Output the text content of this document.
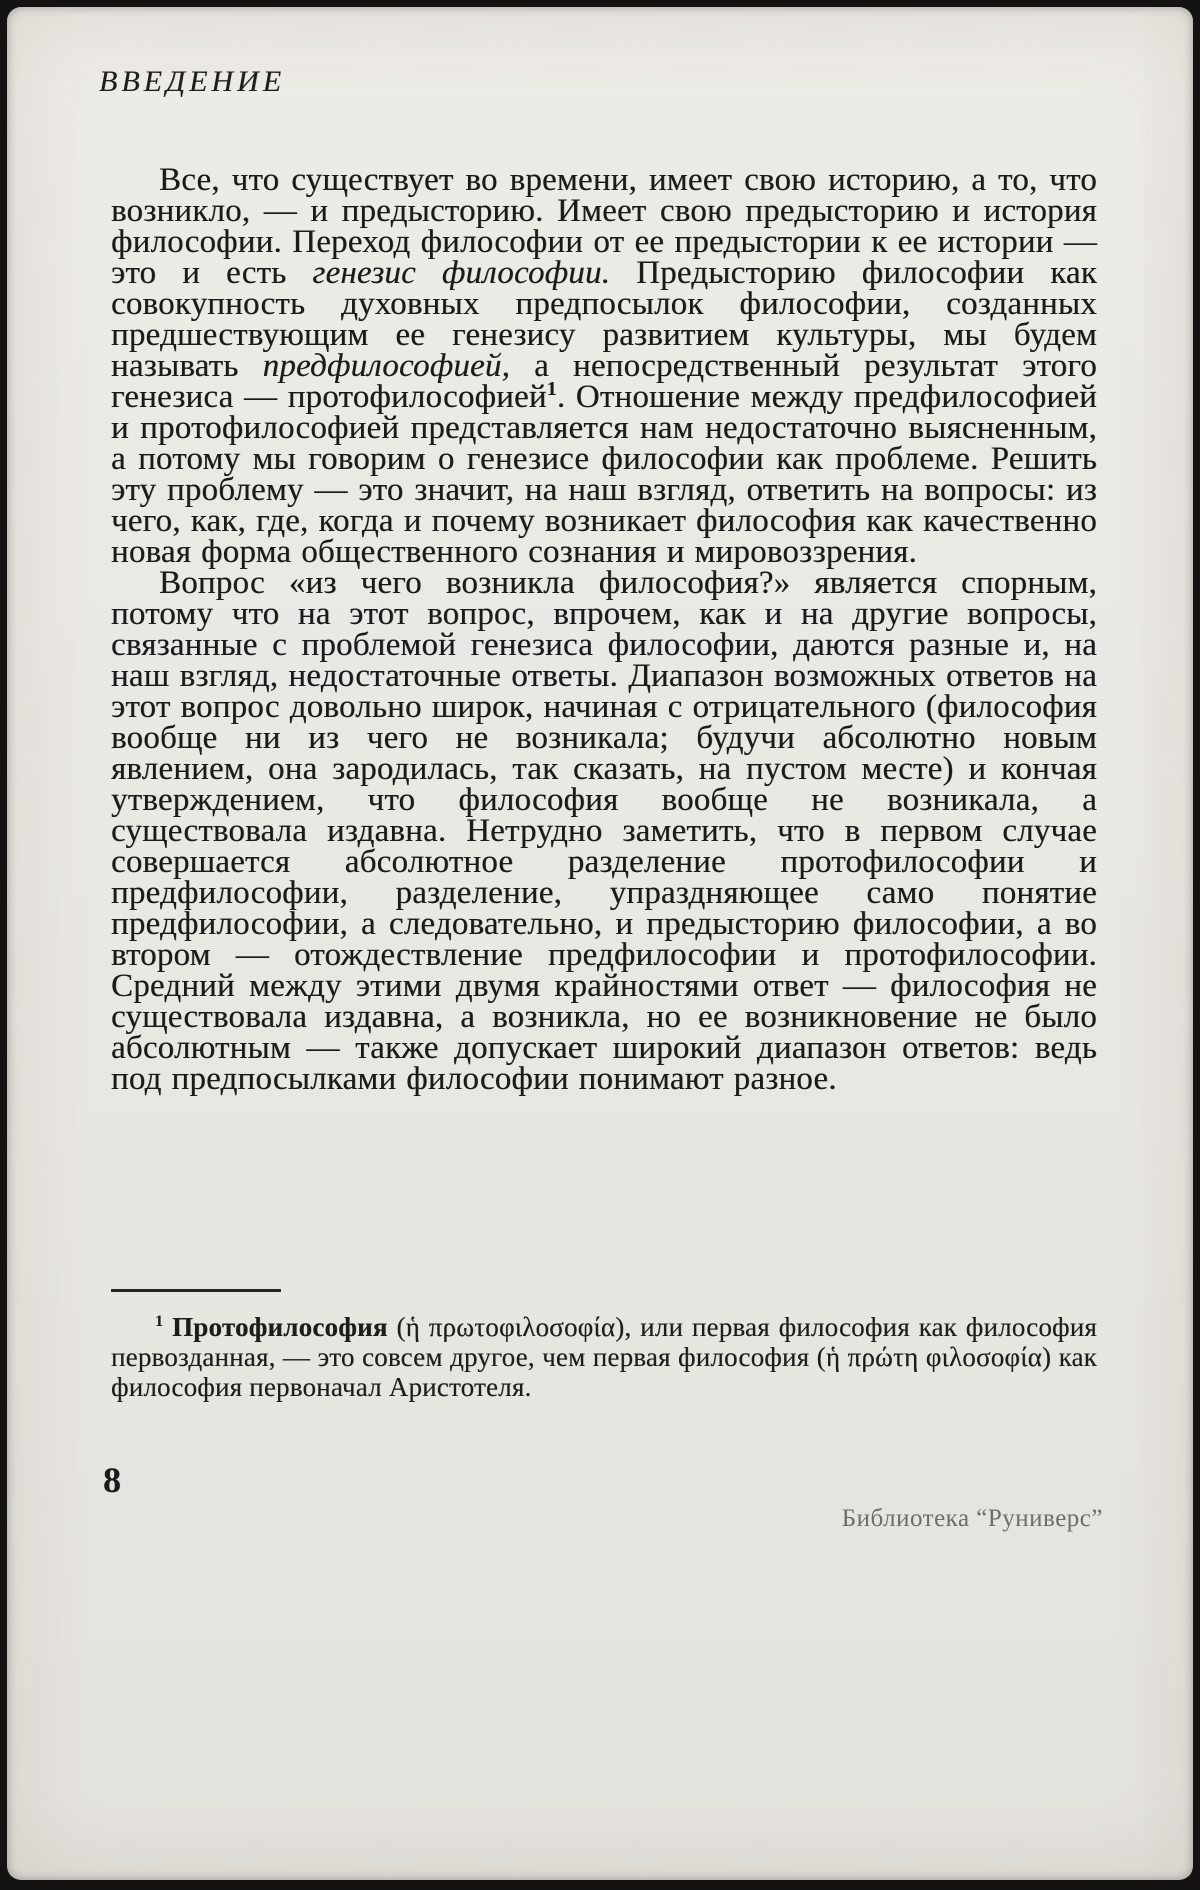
ВВЕДЕНИЕ

Все, что существует во времени, имеет свою историю, а то, что возникло, — и предысторию. Имеет свою предысторию и история философии. Переход философии от ее предыстории к ее истории — это и есть генезис философии. Предысторию философии как совокупность духовных предпосылок философии, созданных предшествующим ее генезису развитием культуры, мы будем называть предфилософией, а непосредственный результат этого генезиса — протофилософией$^1$. Отношение между предфилософией и протофилософией представляется нам недостаточно выясненным, а потому мы говорим о генезисе философии как проблеме. Решить эту проблему — это значит, на наш взгляд, ответить на вопросы: из чего, как, где, когда и почему возникает философия как качественно новая форма общественного сознания и мировоззрения.

Вопрос «из чего возникла философия?» является спорным, потому что на этот вопрос, впрочем, как и на другие вопросы, связанные с проблемой генезиса философии, даются разные и, на наш взгляд, недостаточные ответы. Диапазон возможных ответов на этот вопрос довольно широк, начиная с отрицательного (философия вообще ни из чего не возникала; будучи абсолютно новым явлением, она зародилась, так сказать, на пустом месте) и кончая утверждением, что философия вообще не возникала, а существовала издавна. Нетрудно заметить, что в первом случае совершается абсолютное разделение протофилософии и предфилософии, разделение, упраздняющее само понятие предфилософии, а следовательно, и предысторию философии, а во втором — отождествление предфилософии и протофилософии. Средний между этими двумя крайностями ответ — философия не существовала издавна, а возникла, но ее возникновение не было абсолютным — также допускает широкий диапазон ответов: ведь под предпосылками философии понимают разное.

$^1$ Протофилософия (ἡ πρωτοφιλοσοφία), или первая философия как философия первозданная, — это совсем другое, чем первая философия (ἡ πρώτη φιλοσοφία) как философия первоначал Аристотеля.

8
Библиотека “Руниверс”
